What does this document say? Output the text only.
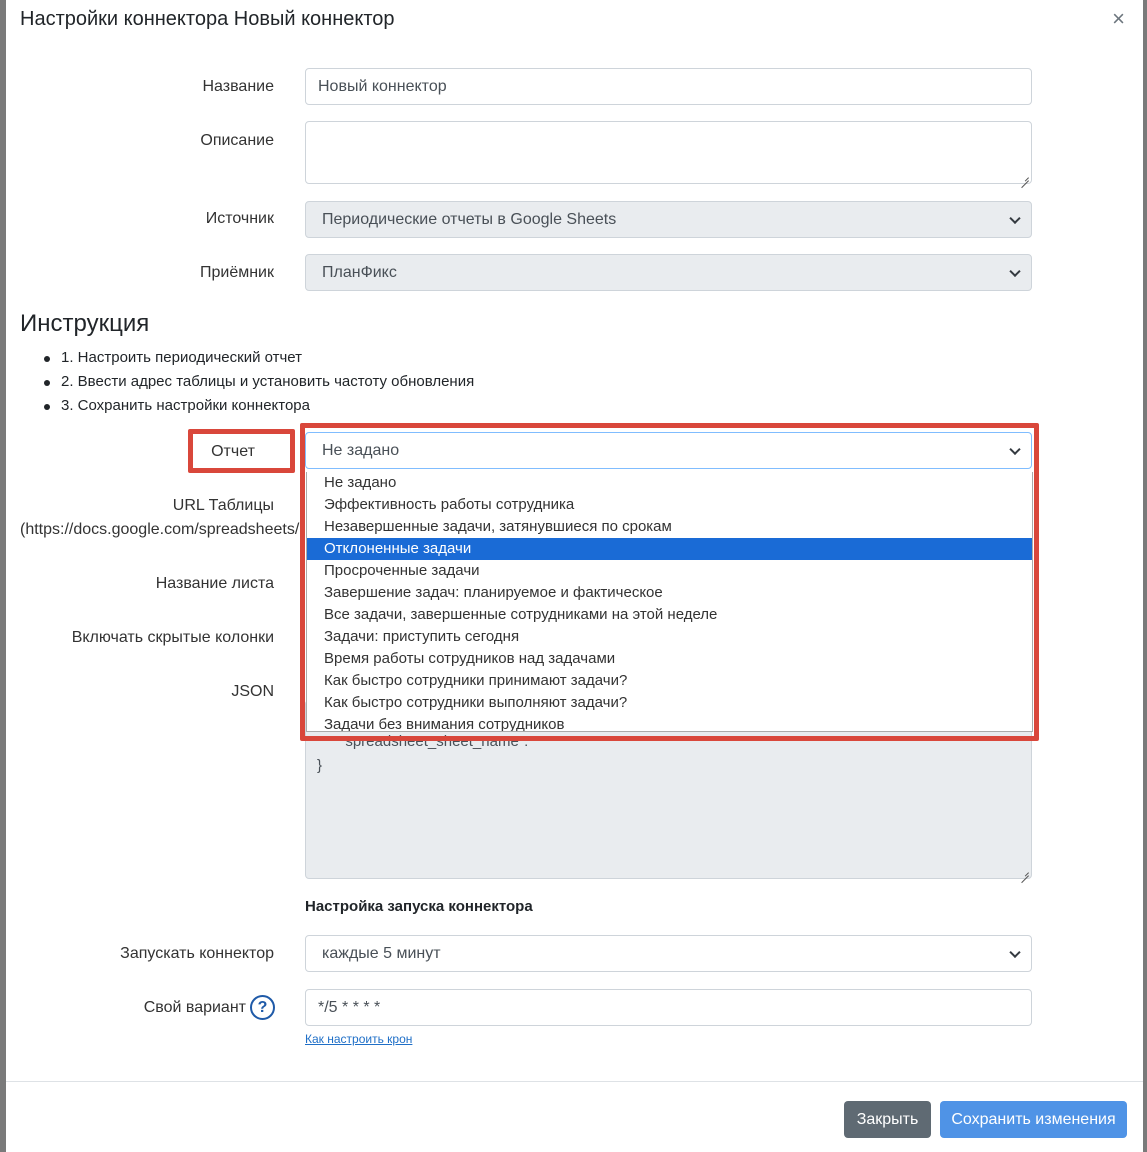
Настройки коннектора Новый коннектор	×
Название	Новый коннектор
Описание
Источник	Периодические отчеты в Google Sheets
Приёмник	ПланФикс
Инструкция
1. Настроить периодический отчет
2. Ввести адрес таблицы и установить частоту обновления
3. Сохранить настройки коннектора
URL Таблицы
(https://docs.google.com/spreadsheets/
Название листа
Включать скрытые колонки
JSON
"spreadsheet_sheet_name":
}
Отчет	Не задано
Не задано
Эффективность работы сотрудника
Незавершенные задачи, затянувшиеся по срокам
Отклоненные задачи
Просроченные задачи
Завершение задач: планируемое и фактическое
Все задачи, завершенные сотрудниками на этой неделе
Задачи: приступить сегодня
Время работы сотрудников над задачами
Как быстро сотрудники принимают задачи?
Как быстро сотрудники выполняют задачи?
Задачи без внимания сотрудников
Настройка запуска коннектора
Запускать коннектор	каждые 5 минут
Свой вариант ?	*/5 * * * *
Как настроить крон
Закрыть	Сохранить изменения
